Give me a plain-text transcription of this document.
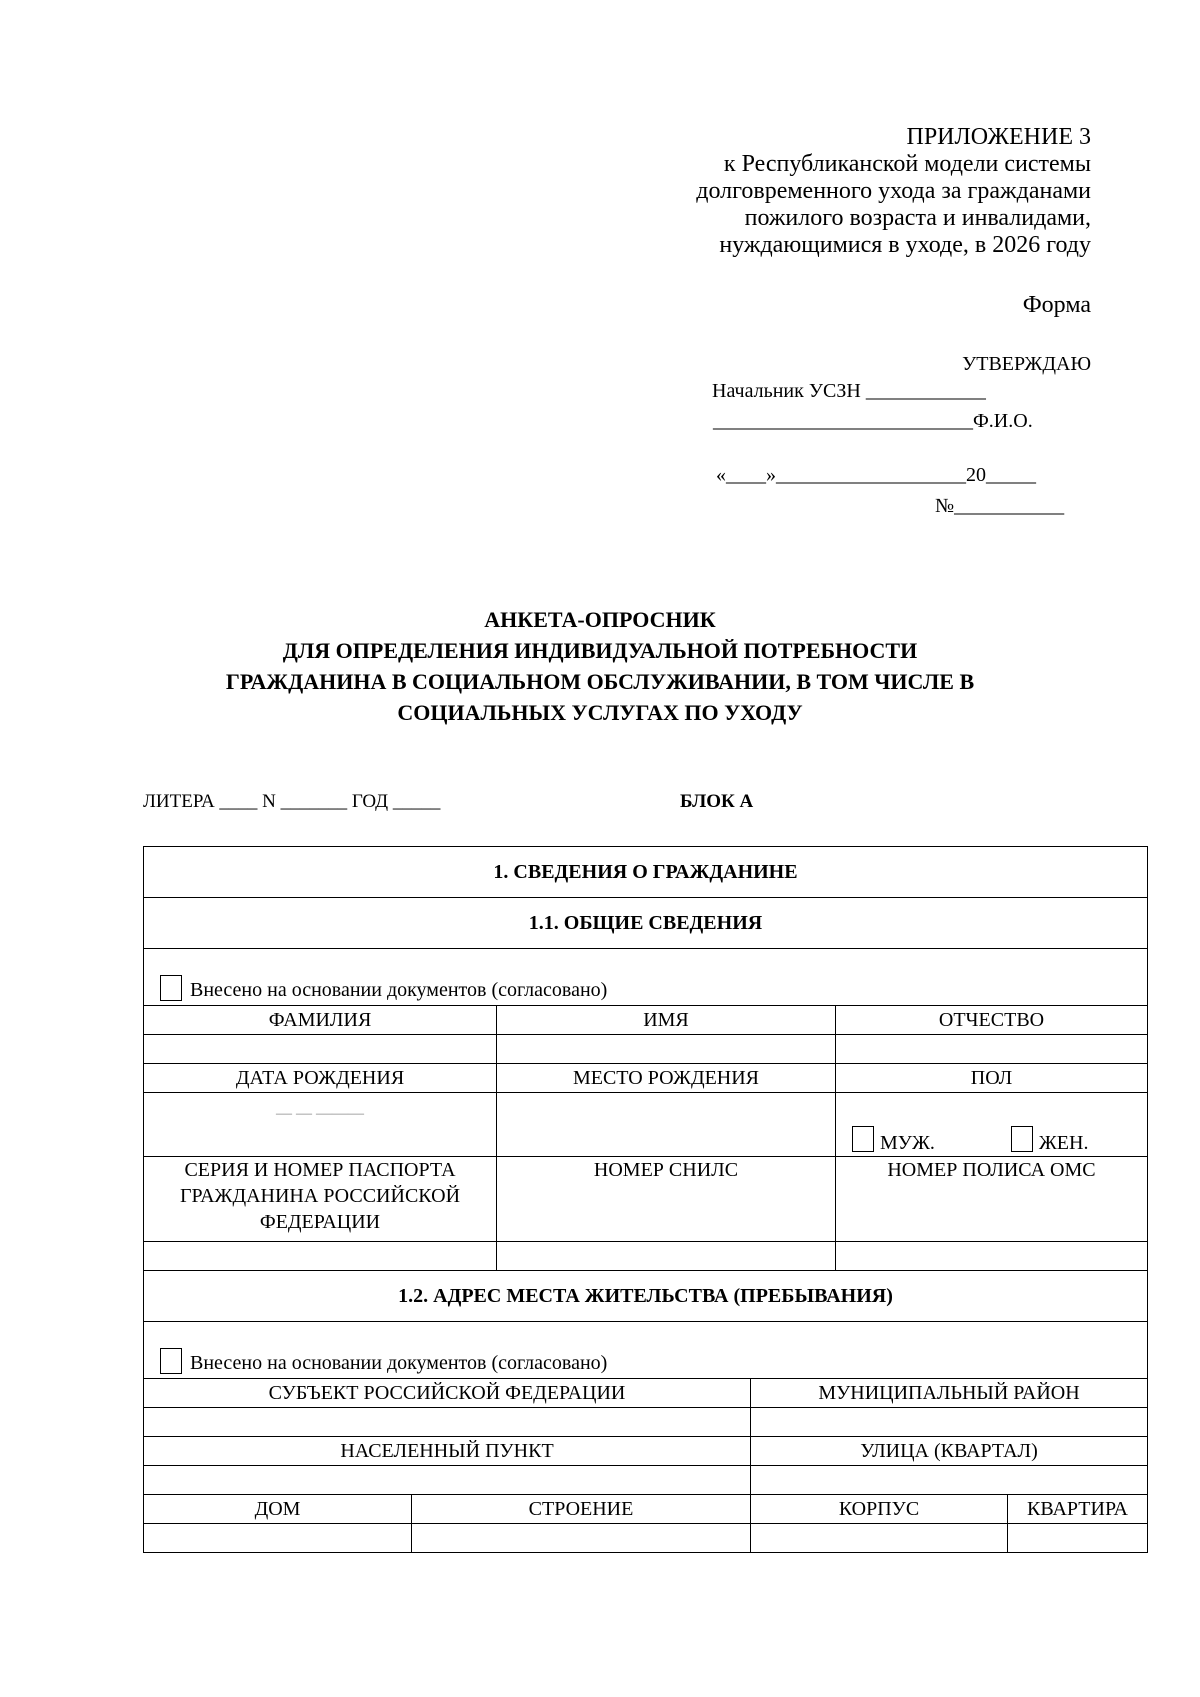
ПРИЛОЖЕНИЕ 3
к Республиканской модели системы
долговременного ухода за гражданами
пожилого возраста и инвалидами,
нуждающимися в уходе, в 2026 году
Форма
УТВЕРЖДАЮ
Начальник УСЗН ____________
__________________________Ф.И.О.
«____»___________________20_____
№___________
АНКЕТА-ОПРОСНИК
ДЛЯ ОПРЕДЕЛЕНИЯ ИНДИВИДУАЛЬНОЙ ПОТРЕБНОСТИ
ГРАЖДАНИНА В СОЦИАЛЬНОМ ОБСЛУЖИВАНИИ, В ТОМ ЧИСЛЕ В
СОЦИАЛЬНЫХ УСЛУГАХ ПО УХОДУ
ЛИТЕРА ____ N _______ ГОД _____	БЛОК А
1. СВЕДЕНИЯ О ГРАЖДАНИНЕ					
1.1. ОБЩИЕ СВЕДЕНИЯ					
Внесено на основании документов (согласовано)					
ФАМИЛИЯ		ИМЯ		ОТЧЕСТВО	

ДАТА РОЖДЕНИЯ		МЕСТО РОЖДЕНИЯ		ПОЛ	
— — ———				МУЖ. ЖЕН.	
СЕРИЯ И НОМЕР ПАСПОРТА ГРАЖДАНИНА РОССИЙСКОЙ ФЕДЕРАЦИИ		НОМЕР СНИЛС		НОМЕР ПОЛИСА ОМС	

1.2. АДРЕС МЕСТА ЖИТЕЛЬСТВА (ПРЕБЫВАНИЯ)					
Внесено на основании документов (согласовано)					
СУБЪЕКТ РОССИЙСКОЙ ФЕДЕРАЦИИ			МУНИЦИПАЛЬНЫЙ РАЙОН		

НАСЕЛЕННЫЙ ПУНКТ			УЛИЦА (КВАРТАЛ)		

ДОМ	СТРОЕНИЕ		КОРПУС		КВАРТИРА
